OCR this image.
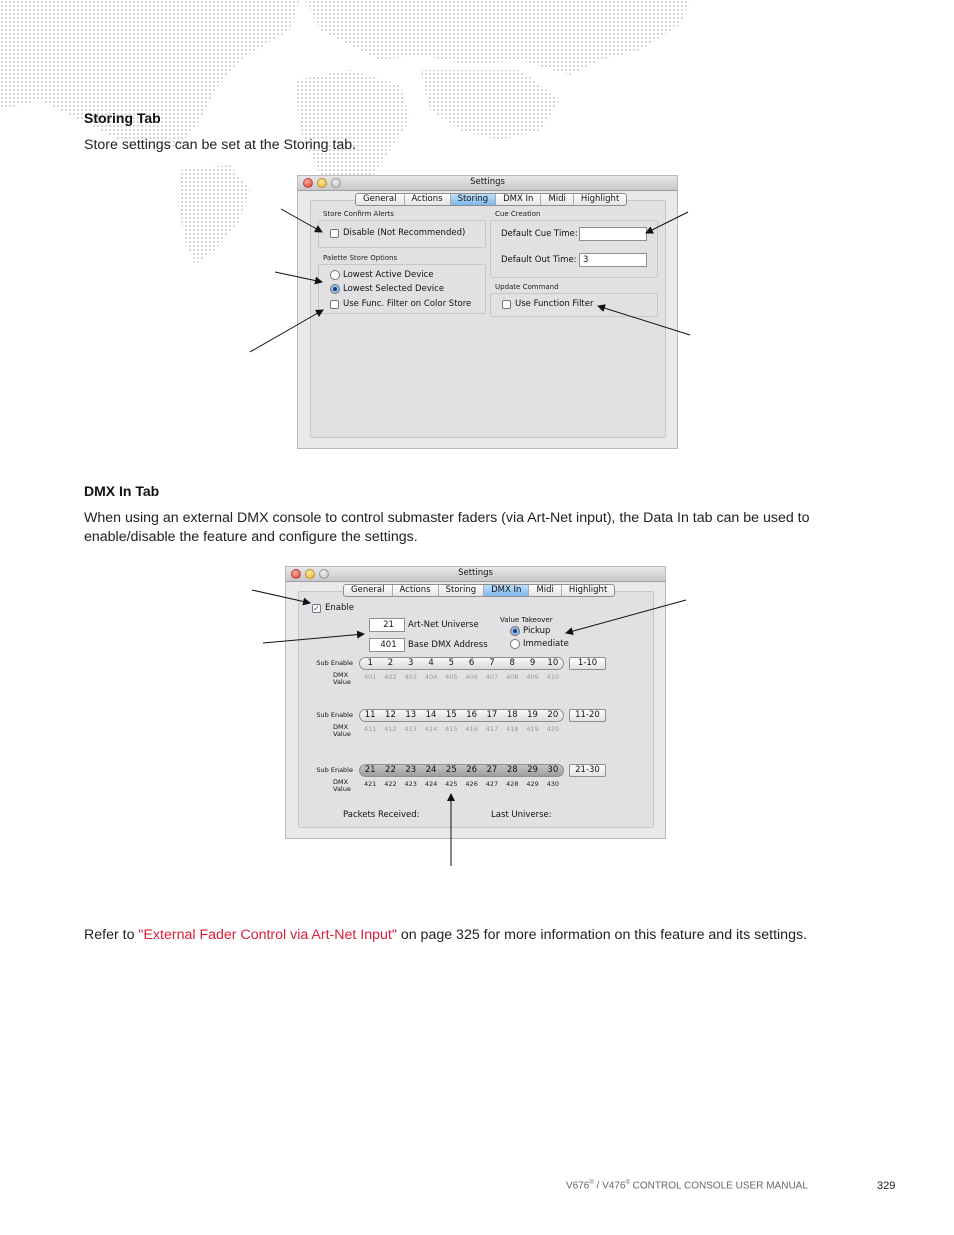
Storing Tab
Store settings can be set at the Storing tab.
Settings
General	Actions	Storing	DMX In	Midi	Highlight
Store Confirm Alerts
Disable (Not Recommended)
Palette Store Options
Lowest Active Device
Lowest Selected Device
Use Func. Filter on Color Store
Cue Creation
Default Cue Time:
Default Out Time: 3
Update Command
Use Function Filter
DMX In Tab
When using an external DMX console to control submaster faders (via Art-Net input), the Data In tab can be used to enable/disable the feature and configure the settings.
Settings
General	Actions	Storing	DMX In	Midi	Highlight
✓ Enable
21	Art-Net Universe
401	Base DMX Address
Value Takeover
Pickup
Immediate
Sub Enable	1	2	3	4	5	6	7	8	9	10	1-10
DMX Value
401	402	403	404	405	406	407	408	409	410
Sub Enable	11	12	13	14	15	16	17	18	19	20	11-20
DMX Value
411	412	413	414	415	416	417	418	419	420
Sub Enable	21	22	23	24	25	26	27	28	29	30	21-30
DMX Value
421	422	423	424	425	426	427	428	429	430
Packets Received:	Last Universe:
Refer to "External Fader Control via Art-Net Input" on page 325 for more information on this feature and its settings.
V676® / V476® CONTROL CONSOLE USER MANUAL	329
